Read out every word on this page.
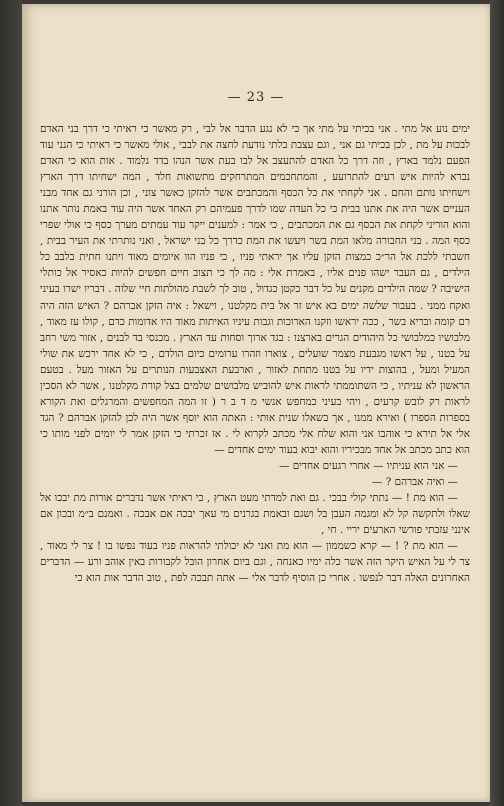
— 23 —

ימים נוע אל מתי . אני בכיתי על מתי אך כי לא נגע הדבר אל לבי , רק מאשר כי ראיתי כי דרך בני האדם לבכות על מת , לכן בכיתי גם אני , וגם עצבת בלתי נודעת לחצה את לבבי , אולי מאשר כי ראיתי כי הנני עוד הפעם נלמד בארץ , וזה דרך כל האדם להתעצב אל לבו בעת אשר הנהו בדד גלמוד . אות הוא כי האדם נברא להיות איש רעים להתרועע , והמתחכמים המתרחקים מתשואות חלד , המה ישחיתו דרך הארץ וישחיתו נותם והחם . אני לקחתי את כל הכסף והמכתבים אשר להזקן כאשר צוני , וכן הורני גם אחד מבני העניים אשר היה את אתנו בבית כי כל העדה שמו לדרך פעמיהם רק האחד אשר היה עוד באמת נותר אתנו והוא הוריני לקחת את הכסף גם את המכתבים , כי אמר : למענים ייקר עוד עמתים מערך כסף כי אולי שפרי כסף המה . בני החבורה מלאו המת בשר ויעשו את המת כדרך כל בני ישראל , ואני נותרתי את העיר בבית , חשבתי ללכת אל הר״כ כמצות הזקן עליו אך יראתי פניו , כי פניו הוו איומים מאוד ויתנו חתית בלבב כל הילדים , גם העבר ישהו פנים אליו , באמרת אלי : מה לך כי תצוב חיים חפשים להיות כאסיר אל כותלי הישיבה ? שמה הילדים מקנים על כל דבר כקטן כגדול , טוב לך לשבת מהולתות חיי שלוה . דבריו ישרו בעיני ואקח ממני . בעבור שלשה ימים בא איש זר אל בית מקלטנו , וישאל : איה הזקן אברהם ? האיש הזה היה רם קומה ובריא בשר , ככה יראשו וזקנו הארוכות וגבות עיניו האיתות מאוד היו אדומות כדם , קולו עז מאוד , מלבושיו כמלבושי כל היהודים הגרים בארצנו : בגד ארוך וסחות עד הארץ . מכנסי בד לבנים , אזור משי רחב על בטנו , על ראשו מגבעת מצמר שועלים , צוארו וזהרו ערומים כיום הולדם , כי לא אחד ירכש את שולי המעיל ומעל , בהוצות ידיו על בטנו מתחת לאזור , וארבעת האצבעות הנותרים על האזור מעל . בטעם הראשון לא עניתיו , כי השתוממתי לראות איש להוביש מלבושים שלמים בצל קורת מקלטנו , אשר לא הסכין לראות רק לובש קרעים , ויהי בעיני כמחפש אנשי מ ד ב ר ( זו המה המחפשים והמרגלים ואת הקורא בספרות הספרו ) ואירא ממנו , אך בשאלו שנית אותי : האתה הוא יוסף אשר היה לכן להזקן אברהם ? הגד אלי אל תירא כי אוהבו אני והוא שלח אלי מכתב לקרוא לי . אז זכרתי כי הזקן אמר לי יומים לפני מותו כי הוא כתב מכתב אל אחד מבכיריו והוא יבוא בעוד ימים אחדים —

— אני הוא עניתיו — אחרי רגעים אחדים —

— ואיה אברהם ? —

— הוא מת ! — נתתי קולי בבכי . גם ואת למדתי מעט הארץ , כי ראיתי אשר נדברים אורות מת יבכו אל שאלו ולתקשה קל לא ומגמה העבן בל ושגם ובאמת בגרנים מי עאך יבכה אם אבכה . ואמנם ב״מ ובכון אם אינני עזבתי פורשי הארעים יריי . חי ,

— הוא מת ? ! — קרא כשממון — הוא מת ואני לא יכולתי להראות פניו בעוד נפשו בו ! צר לי מאוד , צר לי על האיש היקר הזה אשר כלה ימיו כאנחה , וגם ביום אחרון הובל לקבורות באין אוהב ורע — הדברים האחרונים האלה דבר לנפשו . אחרי כן הוסיף לדבר אלי — אתה תבכה לפת , טוב הדבר אות הוא כי
